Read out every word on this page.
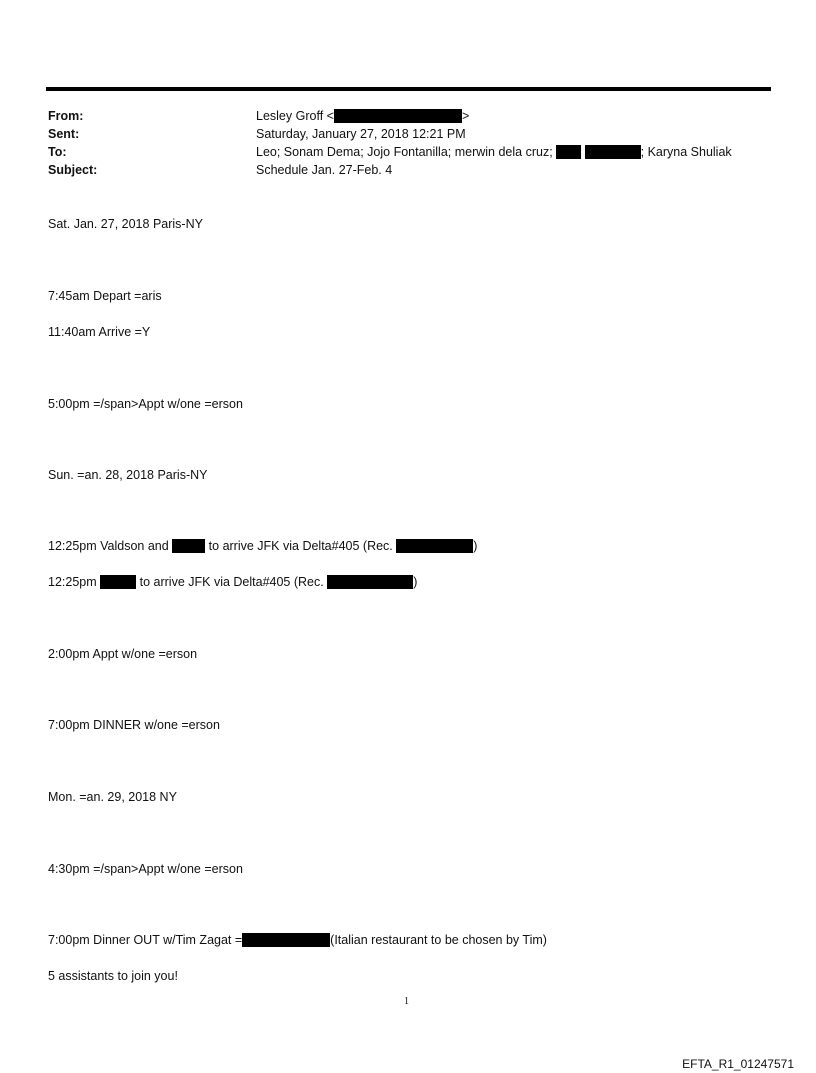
From:	Lesley Groff <	>
Sent:	Saturday, January 27, 2018 12:21 PM
To:	Leo; Sonam Dema; Jojo Fontanilla; merwin dela cruz;	; Karyna Shuliak
Subject:	Schedule Jan. 27-Feb. 4
Sat. Jan. 27, 2018 Paris-NY
7:45am Depart =aris
11:40am Arrive =Y
5:00pm =/span>Appt w/one =erson
Sun. =an. 28, 2018 Paris-NY
12:25pm Valdson and	to arrive JFK via Delta#405 (Rec.	)
12:25pm	to arrive JFK via Delta#405 (Rec.	)
2:00pm Appt w/one =erson
7:00pm DINNER w/one =erson
Mon. =an. 29, 2018 NY
4:30pm =/span>Appt w/one =erson
7:00pm Dinner OUT w/Tim Zagat =	(Italian restaurant to be chosen by Tim)
5 assistants to join you!
1
EFTA_R1_01247571
